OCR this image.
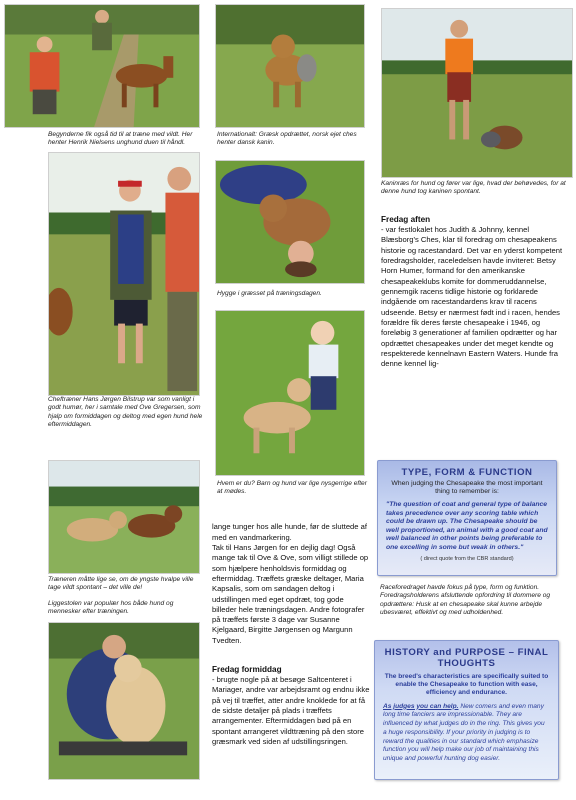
Begynderne fik også tid til at træne med vildt. Her henter Henrik Nielsens unghund duen til håndl.
Internationalt: Græsk opdrættet, norsk ejet ches henter dansk kanin.
Kaninræs for hund og fører var lige, hvad der behøvedes, for at denne hund tog kaninen spontant.
Cheftræner Hans Jørgen Bilstrup var som vanligt i godt humør, her i samtale med Ove Gregersen, som hjalp om formiddagen og deltog med egen hund hele eftermiddagen.
Hygge i græsset på træningsdagen.
Hvem er du? Barn og hund var lige nysgerrige efter at mødes.
Træneren måtte lige se, om de yngste hvalpe ville tage vildt spontant – det ville de!
Liggestolen var populær hos både hund og mennesker efter træningen.

lange tunger hos alle hunde, før de sluttede af med en vandmarkering.
Tak til Hans Jørgen for en dejlig dag! Også mange tak til Ove & Ove, som villigt stillede op som hjælpere henholdsvis formiddag og eftermiddag. Træffets græske deltager, Maria Kapsalis, som om søndagen deltog i udstillingen med eget opdræt, tog gode billeder hele træningsdagen. Andre fotografer på træffets første 3 dage var Susanne Kjelgaard, Birgitte Jørgensen og Margunn Tvedten.

Fredag formiddag

- brugte nogle på at besøge Saltcenteret i Mariager, andre var arbejdsramt og endnu ikke på vej til træffet, atter andre knoklede for at få de sidste detaljer på plads i træffets arrangementer. Eftermiddagen bød på en spontant arrangeret vildttræning på den store græsmark ved siden af udstillingsringen.

Fredag aften

- var festlokalet hos Judith & Johnny, kennel Blæsborg's Ches, klar til foredrag om chesapeakens historie og racestandard. Det var en yderst kompetent foredragsholder, raceledelsen havde inviteret: Betsy Horn Humer, formand for den amerikanske chesapeakeklubs komite for dommeruddannelse, gennemgik racens tidlige historie og forklarede indgående om racestandardens krav til racens udseende. Betsy er nærmest født ind i racen, hendes forældre fik deres første chesapeake i 1946, og foreløbig 3 generationer af familien opdrætter og har opdrættet chesapeakes under det meget kendte og respekterede kennelnavn Eastern Waters. Hunde fra denne kennel lig-

TYPE, FORM & FUNCTION
When judging the Chesapeake the most important thing to remember is:
"The question of coat and general type of balance takes precedence over any scoring table which could be drawn up. The Chesapeake should be well proportioned, an animal with a good coat and well balanced in other points being preferable to one excelling in some but weak in others."
( direct quote from the CBR standard)
Raceforedraget havde fokus på type, form og funktion.
Foredragsholderens afsluttende opfordring til dommere og opdrættere: Husk at en chesapeake skal kunne arbejde ubesværet, effektivt og med udholdenhed.
HISTORY and PURPOSE – FINAL
THOUGHTS
The breed's characteristics are specifically suited to enable the Chesapeake to function with ease, efficiency and endurance.
As judges you can help. New comers and even many long time fanciers are impressionable. They are influenced by what judges do in the ring. This gives you a huge responsibility. If your priority in judging is to reward the qualities in our standard which emphasize function you will help make our job of maintaining this unique and powerful hunting dog easier.
